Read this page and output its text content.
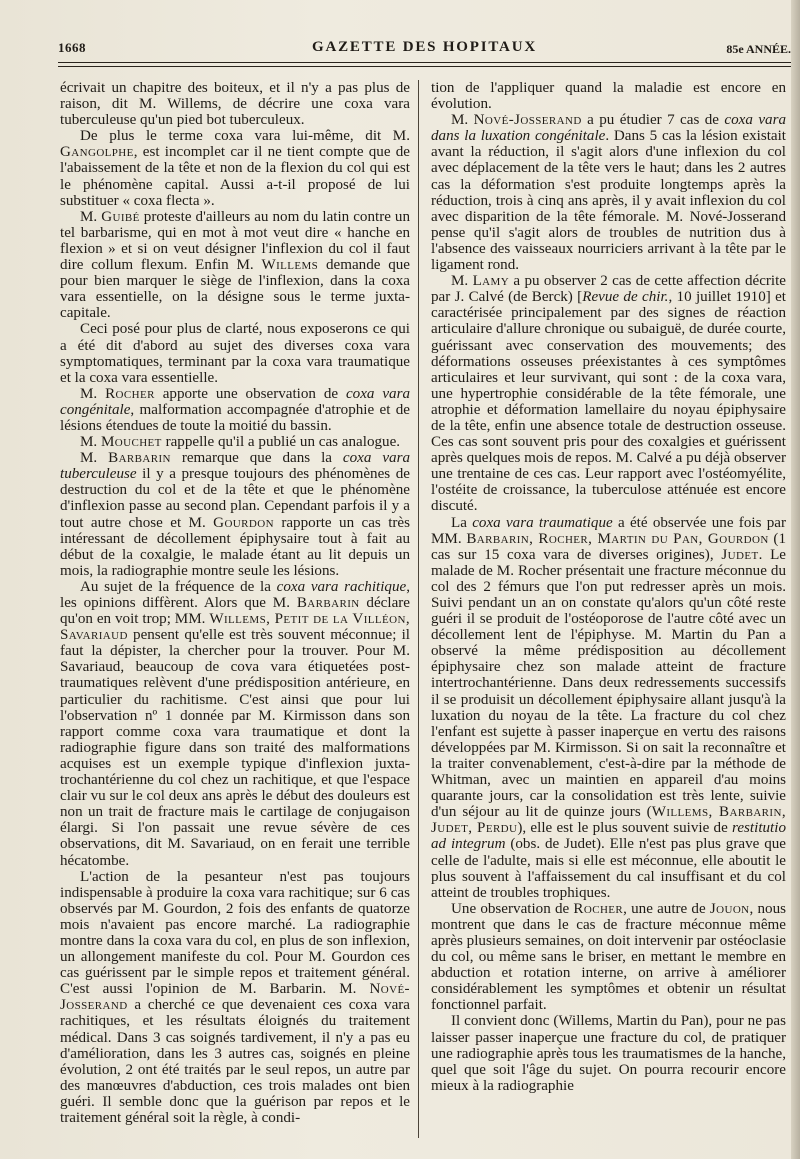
1668	GAZETTE DES HOPITAUX	85e ANNÉE.

écrivait un chapitre des boiteux, et il n'y a pas plus de raison, dit M. Willems, de décrire une coxa vara tuberculeuse qu'un pied bot tuberculeux.

De plus le terme coxa vara lui-même, dit M. Gangolphe, est incomplet car il ne tient compte que de l'abaissement de la tête et non de la flexion du col qui est le phénomène capital. Aussi a-t-il proposé de lui substituer « coxa flecta ».

M. Guibé proteste d'ailleurs au nom du latin contre un tel barbarisme, qui en mot à mot veut dire « hanche en flexion » et si on veut désigner l'inflexion du col il faut dire collum flexum. Enfin M. Willems demande que pour bien marquer le siège de l'inflexion, dans la coxa vara essentielle, on la désigne sous le terme juxta-capitale.

Ceci posé pour plus de clarté, nous exposerons ce qui a été dit d'abord au sujet des diverses coxa vara symptomatiques, terminant par la coxa vara traumatique et la coxa vara essentielle.

M. Rocher apporte une observation de coxa vara congénitale, malformation accompagnée d'atrophie et de lésions étendues de toute la moitié du bassin.

M. Mouchet rappelle qu'il a publié un cas analogue.

M. Barbarin remarque que dans la coxa vara tuberculeuse il y a presque toujours des phénomènes de destruction du col et de la tête et que le phénomène d'inflexion passe au second plan. Cependant parfois il y a tout autre chose et M. Gourdon rapporte un cas très intéressant de décollement épiphysaire tout à fait au début de la coxalgie, le malade étant au lit depuis un mois, la radiographie montre seule les lésions.

Au sujet de la fréquence de la coxa vara rachitique, les opinions diffèrent. Alors que M. Barbarin déclare qu'on en voit trop; MM. Willems, Petit de la Villéon, Savariaud pensent qu'elle est très souvent méconnue; il faut la dépister, la chercher pour la trouver. Pour M. Savariaud, beaucoup de cova vara étiquetées post-traumatiques relèvent d'une prédisposition antérieure, en particulier du rachitisme. C'est ainsi que pour lui l'observation nº 1 donnée par M. Kirmisson dans son rapport comme coxa vara traumatique et dont la radiographie figure dans son traité des malformations acquises est un exemple typique d'inflexion juxta-trochantérienne du col chez un rachitique, et que l'espace clair vu sur le col deux ans après le début des douleurs est non un trait de fracture mais le cartilage de conjugaison élargi. Si l'on passait une revue sévère de ces observations, dit M. Savariaud, on en ferait une terrible hécatombe.

L'action de la pesanteur n'est pas toujours indispensable à produire la coxa vara rachitique; sur 6 cas observés par M. Gourdon, 2 fois des enfants de quatorze mois n'avaient pas encore marché. La radiographie montre dans la coxa vara du col, en plus de son inflexion, un allongement manifeste du col. Pour M. Gourdon ces cas guérissent par le simple repos et traitement général. C'est aussi l'opinion de M. Barbarin. M. Nové-Josserand a cherché ce que devenaient ces coxa vara rachitiques, et les résultats éloignés du traitement médical. Dans 3 cas soignés tardivement, il n'y a pas eu d'amélioration, dans les 3 autres cas, soignés en pleine évolution, 2 ont été traités par le seul repos, un autre par des manœuvres d'abduction, ces trois malades ont bien guéri. Il semble donc que la guérison par repos et le traitement général soit la règle, à condi-

tion de l'appliquer quand la maladie est encore en évolution.

M. Nové-Josserand a pu étudier 7 cas de coxa vara dans la luxation congénitale. Dans 5 cas la lésion existait avant la réduction, il s'agit alors d'une inflexion du col avec déplacement de la tête vers le haut; dans les 2 autres cas la déformation s'est produite longtemps après la réduction, trois à cinq ans après, il y avait inflexion du col avec disparition de la tête fémorale. M. Nové-Josserand pense qu'il s'agit alors de troubles de nutrition dus à l'absence des vaisseaux nourriciers arrivant à la tête par le ligament rond.

M. Lamy a pu observer 2 cas de cette affection décrite par J. Calvé (de Berck) [Revue de chir., 10 juillet 1910] et caractérisée principalement par des signes de réaction articulaire d'allure chronique ou subaiguë, de durée courte, guérissant avec conservation des mouvements; des déformations osseuses préexistantes à ces symptômes articulaires et leur survivant, qui sont : de la coxa vara, une hypertrophie considérable de la tête fémorale, une atrophie et déformation lamellaire du noyau épiphysaire de la tête, enfin une absence totale de destruction osseuse. Ces cas sont souvent pris pour des coxalgies et guérissent après quelques mois de repos. M. Calvé a pu déjà observer une trentaine de ces cas. Leur rapport avec l'ostéomyélite, l'ostéite de croissance, la tuberculose atténuée est encore discuté.

La coxa vara traumatique a été observée une fois par MM. Barbarin, Rocher, Martin du Pan, Gourdon (1 cas sur 15 coxa vara de diverses origines), Judet. Le malade de M. Rocher présentait une fracture méconnue du col des 2 fémurs que l'on put redresser après un mois. Suivi pendant un an on constate qu'alors qu'un côté reste guéri il se produit de l'ostéoporose de l'autre côté avec un décollement lent de l'épiphyse. M. Martin du Pan a observé la même prédisposition au décollement épiphysaire chez son malade atteint de fracture intertrochantérienne. Dans deux redressements successifs il se produisit un décollement épiphysaire allant jusqu'à la luxation du noyau de la tête. La fracture du col chez l'enfant est sujette à passer inaperçue en vertu des raisons développées par M. Kirmisson. Si on sait la reconnaître et la traiter convenablement, c'est-à-dire par la méthode de Whitman, avec un maintien en appareil d'au moins quarante jours, car la consolidation est très lente, suivie d'un séjour au lit de quinze jours (Willems, Barbarin, Judet, Perdu), elle est le plus souvent suivie de restitutio ad integrum (obs. de Judet). Elle n'est pas plus grave que celle de l'adulte, mais si elle est méconnue, elle aboutit le plus souvent à l'affaissement du cal insuffisant et du col atteint de troubles trophiques.

Une observation de Rocher, une autre de Jouon, nous montrent que dans le cas de fracture méconnue même après plusieurs semaines, on doit intervenir par ostéoclasie du col, ou même sans le briser, en mettant le membre en abduction et rotation interne, on arrive à améliorer considérablement les symptômes et obtenir un résultat fonctionnel parfait.

Il convient donc (Willems, Martin du Pan), pour ne pas laisser passer inaperçue une fracture du col, de pratiquer une radiographie après tous les traumatismes de la hanche, quel que soit l'âge du sujet. On pourra recourir encore mieux à la radiographie
